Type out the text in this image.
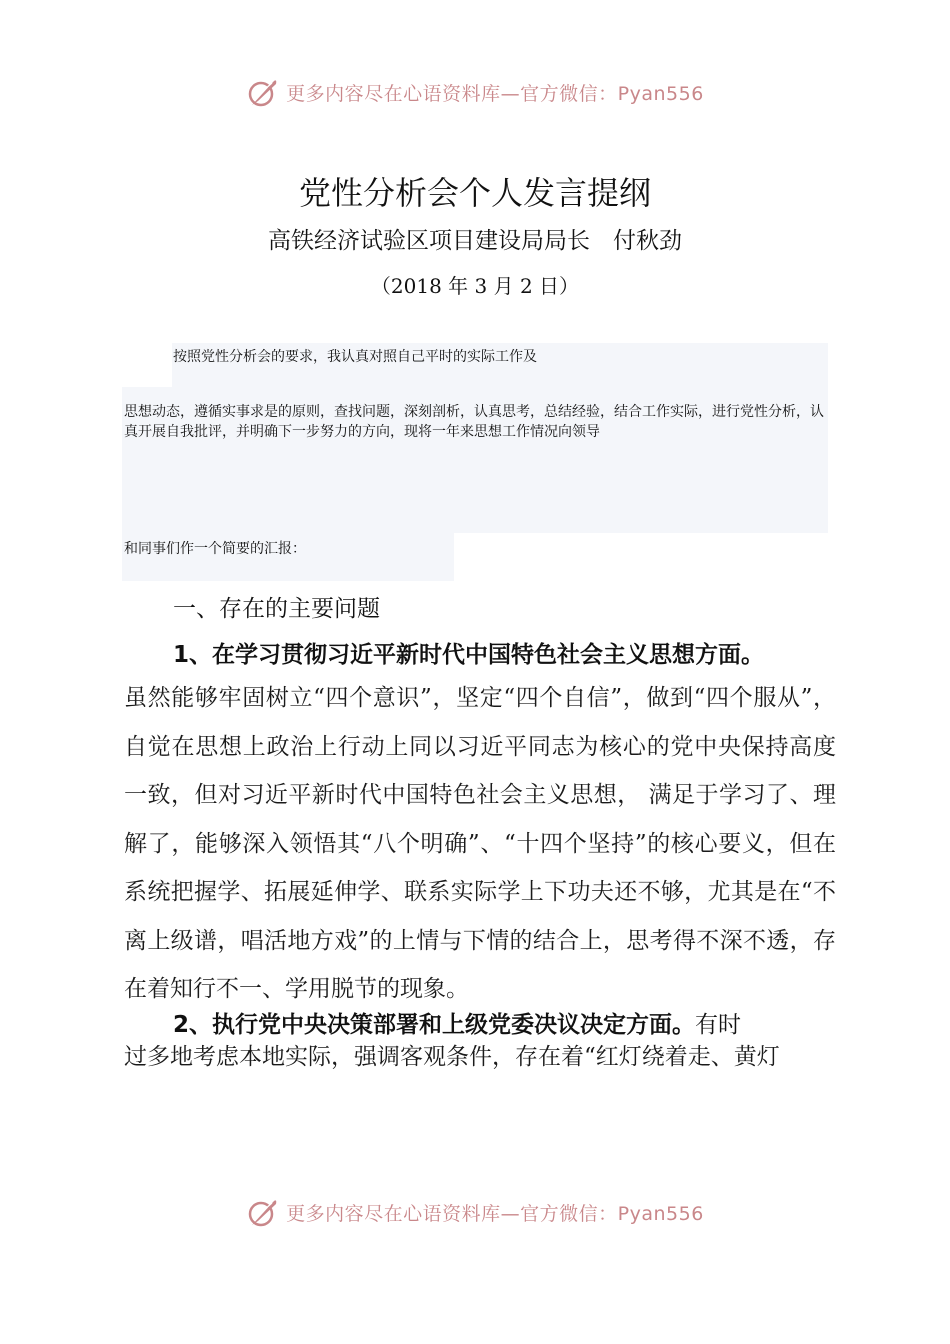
更多内容尽在心语资料库—官方微信：Pyan556
党性分析会个人发言提纲
高铁经济试验区项目建设局局长　付秋劲
（2018 年 3 月 2 日）
按照党性分析会的要求，我认真对照自己平时的实际工作及
思想动态，遵循实事求是的原则，查找问题，深刻剖析，认真思考，总结经验，结合工作实际，进行党性分析，认真开展自我批评，并明确下一步努力的方向，现将一年来思想工作情况向领导
和同事们作一个简要的汇报：
一、存在的主要问题
1、在学习贯彻习近平新时代中国特色社会主义思想方面。
虽然能够牢固树立“四个意识”，坚定“四个自信”，做到“四个服从”，自觉在思想上政治上行动上同以习近平同志为核心的党中央保持高度一致，但对习近平新时代中国特色社会主义思想， 满足于学习了、理解了，能够深入领悟其“八个明确”、“十四个坚持”的核心要义，但在系统把握学、拓展延伸学、联系实际学上下功夫还不够，尤其是在“不离上级谱，唱活地方戏”的上情与下情的结合上，思考得不深不透，存在着知行不一、学用脱节的现象。
2、执行党中央决策部署和上级党委决议决定方面。有时
过多地考虑本地实际，强调客观条件，存在着“红灯绕着走、黄灯
更多内容尽在心语资料库—官方微信：Pyan556
